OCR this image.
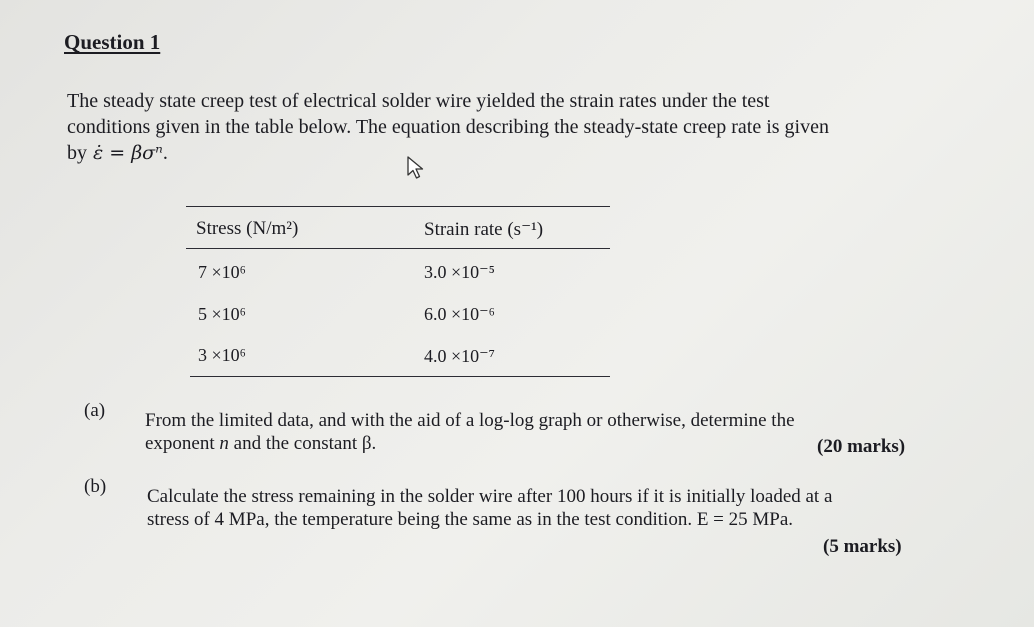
Question 1
The steady state creep test of electrical solder wire yielded the strain rates under the test
conditions given in the table below. The equation describing the steady-state creep rate is given
by ε̇ = βσⁿ.
Stress (N/m²)	Strain rate (s⁻¹)
7 ×10⁶	3.0 ×10⁻⁵
5 ×10⁶	6.0 ×10⁻⁶
3 ×10⁶	4.0 ×10⁻⁷
(a) From the limited data, and with the aid of a log-log graph or otherwise, determine the
exponent n and the constant β.	(20 marks)
(b) Calculate the stress remaining in the solder wire after 100 hours if it is initially loaded at a
stress of 4 MPa, the temperature being the same as in the test condition. E = 25 MPa.
(5 marks)
